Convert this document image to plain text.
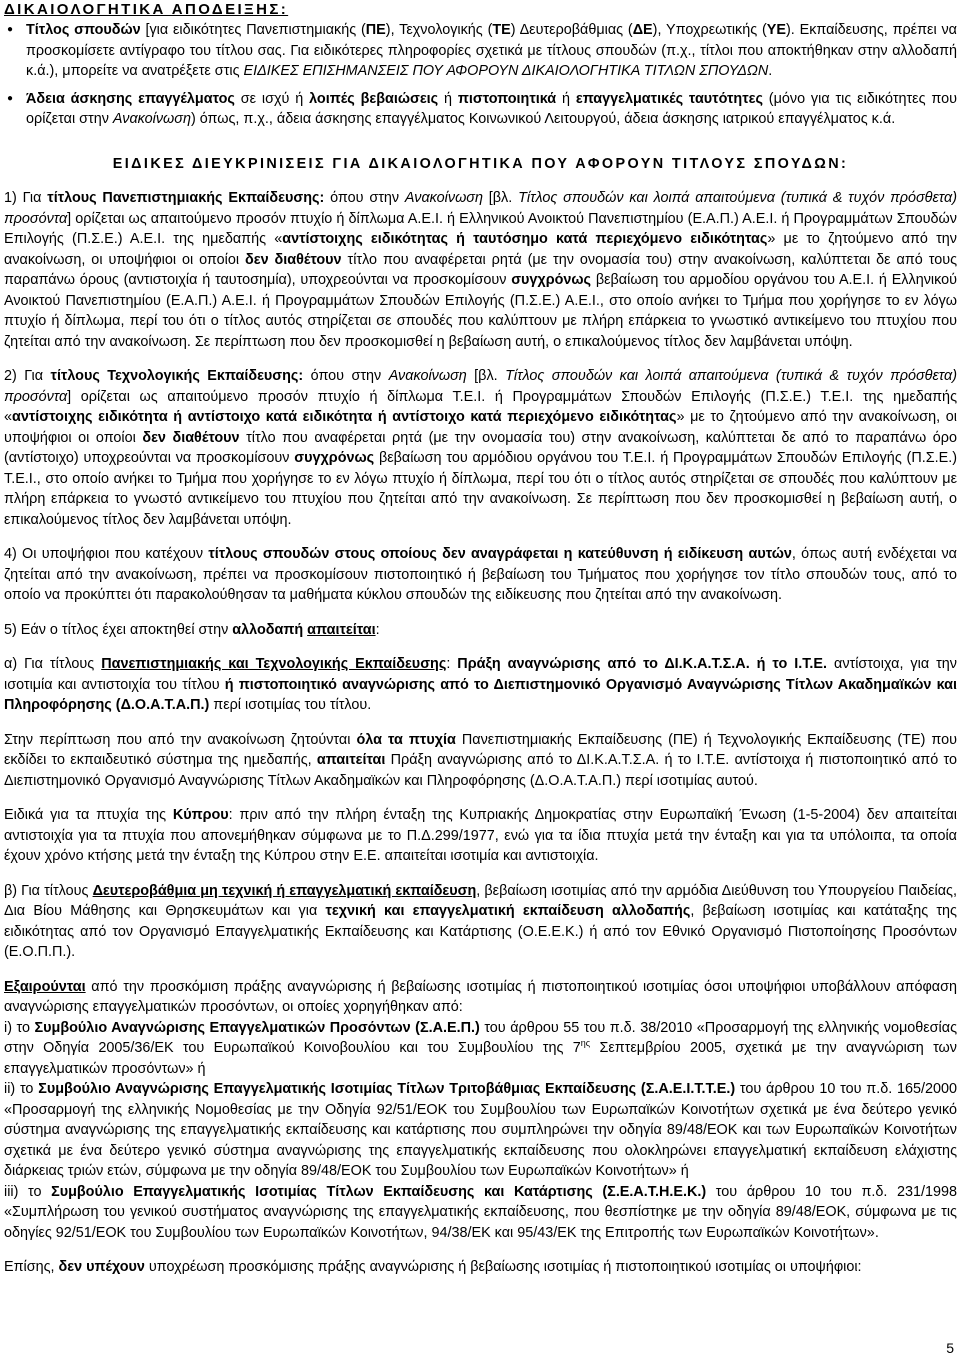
ΔΙΚΑΙΟΛΟΓΗΤΙΚΑ ΑΠΟΔΕΙΞΗΣ:

● Τίτλος σπουδών [για ειδικότητες Πανεπιστημιακής (ΠΕ), Τεχνολογικής (ΤΕ) Δευτεροβάθμιας (ΔΕ), Υποχρεωτικής (ΥΕ). Εκπαίδευσης, πρέπει να προσκομίσετε αντίγραφο του τίτλου σας. Για ειδικότερες πληροφορίες σχετικά με τίτλους σπουδών (π.χ., τίτλοι που αποκτήθηκαν στην αλλοδαπή κ.ά.), μπορείτε να ανατρέξετε στις ΕΙΔΙΚΕΣ ΕΠΙΣΗΜΑΝΣΕΙΣ ΠΟΥ ΑΦΟΡΟΥΝ ΔΙΚΑΙΟΛΟΓΗΤΙΚΑ ΤΙΤΛΩΝ ΣΠΟΥΔΩΝ.

● Άδεια άσκησης επαγγέλματος σε ισχύ ή λοιπές βεβαιώσεις ή πιστοποιητικά ή επαγγελματικές ταυτότητες (μόνο για τις ειδικότητες που ορίζεται στην Ανακοίνωση) όπως, π.χ., άδεια άσκησης επαγγέλματος Κοινωνικού Λειτουργού, άδεια άσκησης ιατρικού επαγγέλματος κ.ά.

ΕΙΔΙΚΕΣ ΔΙΕΥΚΡΙΝΙΣΕΙΣ ΓΙΑ ΔΙΚΑΙΟΛΟΓΗΤΙΚΑ ΠΟΥ ΑΦΟΡΟΥΝ ΤΙΤΛΟΥΣ ΣΠΟΥΔΩΝ:

1) Για τίτλους Πανεπιστημιακής Εκπαίδευσης: όπου στην Ανακοίνωση [βλ. Τίτλος σπουδών και λοιπά απαιτούμενα (τυπικά & τυχόν πρόσθετα) προσόντα] ορίζεται ως απαιτούμενο προσόν πτυχίο ή δίπλωμα Α.Ε.Ι. ή Ελληνικού Ανοικτού Πανεπιστημίου (Ε.Α.Π.) Α.Ε.Ι. ή Προγραμμάτων Σπουδών Επιλογής (Π.Σ.Ε.) Α.Ε.Ι. της ημεδαπής «αντίστοιχης ειδικότητας ή ταυτόσημο κατά περιεχόμενο ειδικότητας» με το ζητούμενο από την ανακοίνωση, οι υποψήφιοι οι οποίοι δεν διαθέτουν τίτλο που αναφέρεται ρητά (με την ονομασία του) στην ανακοίνωση, καλύπτεται δε από τους παραπάνω όρους (αντιστοιχία ή ταυτοσημία), υποχρεούνται να προσκομίσουν συγχρόνως βεβαίωση του αρμοδίου οργάνου του Α.Ε.Ι. ή Ελληνικού Ανοικτού Πανεπιστημίου (Ε.Α.Π.) Α.Ε.Ι. ή Προγραμμάτων Σπουδών Επιλογής (Π.Σ.Ε.) Α.Ε.Ι., στο οποίο ανήκει το Τμήμα που χορήγησε το εν λόγω πτυχίο ή δίπλωμα, περί του ότι ο τίτλος αυτός στηρίζεται σε σπουδές που καλύπτουν με πλήρη επάρκεια το γνωστικό αντικείμενο του πτυχίου που ζητείται από την ανακοίνωση. Σε περίπτωση που δεν προσκομισθεί η βεβαίωση αυτή, ο επικαλούμενος τίτλος δεν λαμβάνεται υπόψη.

2) Για τίτλους Τεχνολογικής Εκπαίδευσης: όπου στην Ανακοίνωση [βλ. Τίτλος σπουδών και λοιπά απαιτούμενα (τυπικά & τυχόν πρόσθετα) προσόντα] ορίζεται ως απαιτούμενο προσόν πτυχίο ή δίπλωμα Τ.Ε.Ι. ή Προγραμμάτων Σπουδών Επιλογής (Π.Σ.Ε.) Τ.Ε.Ι. της ημεδαπής «αντίστοιχης ειδικότητα ή αντίστοιχο κατά ειδικότητα ή αντίστοιχο κατά περιεχόμενο ειδικότητας» με το ζητούμενο από την ανακοίνωση, οι υποψήφιοι οι οποίοι δεν διαθέτουν τίτλο που αναφέρεται ρητά (με την ονομασία του) στην ανακοίνωση, καλύπτεται δε από το παραπάνω όρο (αντίστοιχο) υποχρεούνται να προσκομίσουν συγχρόνως βεβαίωση του αρμόδιου οργάνου του Τ.Ε.Ι. ή Προγραμμάτων Σπουδών Επιλογής (Π.Σ.Ε.) Τ.Ε.Ι., στο οποίο ανήκει το Τμήμα που χορήγησε το εν λόγω πτυχίο ή δίπλωμα, περί του ότι ο τίτλος αυτός στηρίζεται σε σπουδές που καλύπτουν με πλήρη επάρκεια το γνωστό αντικείμενο του πτυχίου που ζητείται από την ανακοίνωση. Σε περίπτωση που δεν προσκομισθεί η βεβαίωση αυτή, ο επικαλούμενος τίτλος δεν λαμβάνεται υπόψη.

4) Οι υποψήφιοι που κατέχουν τίτλους σπουδών στους οποίους δεν αναγράφεται η κατεύθυνση ή ειδίκευση αυτών, όπως αυτή ενδέχεται να ζητείται από την ανακοίνωση, πρέπει να προσκομίσουν πιστοποιητικό ή βεβαίωση του Τμήματος που χορήγησε τον τίτλο σπουδών τους, από το οποίο να προκύπτει ότι παρακολούθησαν τα μαθήματα κύκλου σπουδών της ειδίκευσης που ζητείται από την ανακοίνωση.

5) Εάν ο τίτλος έχει αποκτηθεί στην αλλοδαπή απαιτείται:

α) Για τίτλους Πανεπιστημιακής και Τεχνολογικής Εκπαίδευσης: Πράξη αναγνώρισης από το ΔΙ.Κ.Α.Τ.Σ.Α. ή το Ι.Τ.Ε. αντίστοιχα, για την ισοτιμία και αντιστοιχία του τίτλου ή πιστοποιητικό αναγνώρισης από το Διεπιστημονικό Οργανισμό Αναγνώρισης Τίτλων Ακαδημαϊκών και Πληροφόρησης (Δ.Ο.Α.Τ.Α.Π.) περί ισοτιμίας του τίτλου.

Στην περίπτωση που από την ανακοίνωση ζητούνται όλα τα πτυχία Πανεπιστημιακής Εκπαίδευσης (ΠΕ) ή Τεχνολογικής Εκπαίδευσης (ΤΕ) που εκδίδει το εκπαιδευτικό σύστημα της ημεδαπής, απαιτείται Πράξη αναγνώρισης από το ΔΙ.Κ.Α.Τ.Σ.Α. ή το Ι.Τ.Ε. αντίστοιχα ή πιστοποιητικό από το Διεπιστημονικό Οργανισμό Αναγνώρισης Τίτλων Ακαδημαϊκών και Πληροφόρησης (Δ.Ο.Α.Τ.Α.Π.) περί ισοτιμίας αυτού.

Ειδικά για τα πτυχία της Κύπρου: πριν από την πλήρη ένταξη της Κυπριακής Δημοκρατίας στην Ευρωπαϊκή Ένωση (1-5-2004) δεν απαιτείται αντιστοιχία για τα πτυχία που απονεμήθηκαν σύμφωνα με το Π.Δ.299/1977, ενώ για τα ίδια πτυχία μετά την ένταξη και για τα υπόλοιπα, τα οποία έχουν χρόνο κτήσης μετά την ένταξη της Κύπρου στην Ε.Ε. απαιτείται ισοτιμία και αντιστοιχία.

β) Για τίτλους Δευτεροβάθμια μη τεχνική ή επαγγελματική εκπαίδευση, βεβαίωση ισοτιμίας από την αρμόδια Διεύθυνση του Υπουργείου Παιδείας, Δια Βίου Μάθησης και Θρησκευμάτων και για τεχνική και επαγγελματική εκπαίδευση αλλοδαπής, βεβαίωση ισοτιμίας και κατάταξης της ειδικότητας από τον Οργανισμό Επαγγελματικής Εκπαίδευσης και Κατάρτισης (Ο.Ε.Ε.Κ.) ή από τον Εθνικό Οργανισμό Πιστοποίησης Προσόντων (Ε.Ο.Π.Π.).

Εξαιρούνται από την προσκόμιση πράξης αναγνώρισης ή βεβαίωσης ισοτιμίας ή πιστοποιητικού ισοτιμίας όσοι υποψήφιοι υποβάλλουν απόφαση αναγνώρισης επαγγελματικών προσόντων, οι οποίες χορηγήθηκαν από:

i) το Συμβούλιο Αναγνώρισης Επαγγελματικών Προσόντων (Σ.Α.Ε.Π.) του άρθρου 55 του π.δ. 38/2010 «Προσαρμογή της ελληνικής νομοθεσίας στην Οδηγία 2005/36/ΕΚ του Ευρωπαϊκού Κοινοβουλίου και του Συμβουλίου της $7^{\eta\varsigma}$ Σεπτεμβρίου 2005, σχετικά με την αναγνώριση των επαγγελματικών προσόντων» ή

ii) το Συμβούλιο Αναγνώρισης Επαγγελματικής Ισοτιμίας Τίτλων Τριτοβάθμιας Εκπαίδευσης (Σ.Α.Ε.Ι.Τ.Τ.Ε.) του άρθρου 10 του π.δ. 165/2000 «Προσαρμογή της ελληνικής Νομοθεσίας με την Οδηγία 92/51/ΕΟΚ του Συμβουλίου των Ευρωπαϊκών Κοινοτήτων σχετικά με ένα δεύτερο γενικό σύστημα αναγνώρισης της επαγγελματικής εκπαίδευσης και κατάρτισης που συμπληρώνει την οδηγία 89/48/ΕΟΚ και των Ευρωπαϊκών Κοινοτήτων σχετικά με ένα δεύτερο γενικό σύστημα αναγνώρισης της επαγγελματικής εκπαίδευσης που ολοκληρώνει επαγγελματική εκπαίδευση ελάχιστης διάρκειας τριών ετών, σύμφωνα με την οδηγία 89/48/ΕΟΚ του Συμβουλίου των Ευρωπαϊκών Κοινοτήτων» ή

iii) το Συμβούλιο Επαγγελματικής Ισοτιμίας Τίτλων Εκπαίδευσης και Κατάρτισης (Σ.Ε.Α.Τ.Η.Ε.Κ.) του άρθρου 10 του π.δ. 231/1998 «Συμπλήρωση του γενικού συστήματος αναγνώρισης της επαγγελματικής εκπαίδευσης, που θεσπίστηκε με την οδηγία 89/48/ΕΟΚ, σύμφωνα με τις οδηγίες 92/51/ΕΟΚ του Συμβουλίου των Ευρωπαϊκών Κοινοτήτων, 94/38/ΕΚ και 95/43/ΕΚ της Επιτροπής των Ευρωπαϊκών Κοινοτήτων».

Επίσης, δεν υπέχουν υποχρέωση προσκόμισης πράξης αναγνώρισης ή βεβαίωσης ισοτιμίας ή πιστοποιητικού ισοτιμίας οι υποψήφιοι:

5
